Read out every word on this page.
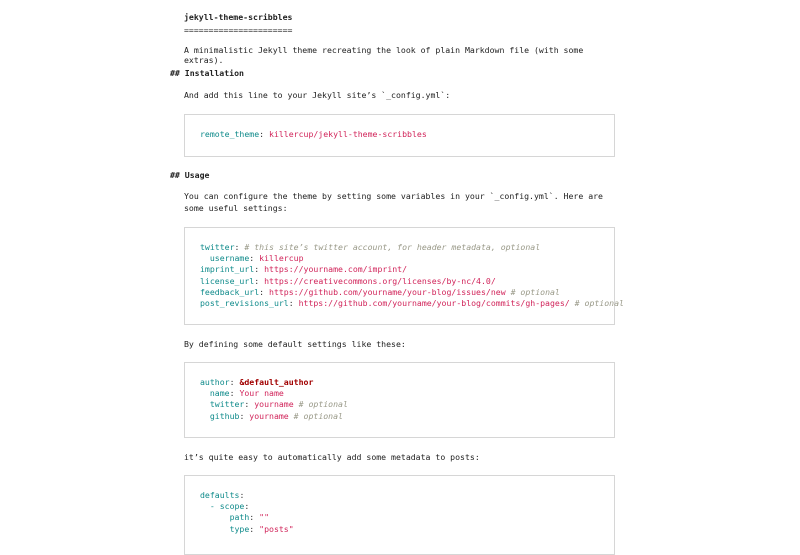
jekyll-theme-scribbles
======================
A minimalistic Jekyll theme recreating the look of plain Markdown file (with some extras).
## Installation
And add this line to your Jekyll site’s `_config.yml`:
remote_theme: killercup/jekyll-theme-scribbles
## Usage
You can configure the theme by setting some variables in your `_config.yml`. Here are some useful settings:
twitter: # this site’s twitter account, for header metadata, optional
username: killercup
imprint_url: https://yourname.com/imprint/
license_url: https://creativecommons.org/licenses/by-nc/4.0/
feedback_url: https://github.com/yourname/your-blog/issues/new # optional
post_revisions_url: https://github.com/yourname/your-blog/commits/gh-pages/ # optional
By defining some default settings like these:
author: &default_author
name: Your name
twitter: yourname # optional
github: yourname # optional
it’s quite easy to automatically add some metadata to posts:
defaults:
- scope:
path: ""
type: "posts"
